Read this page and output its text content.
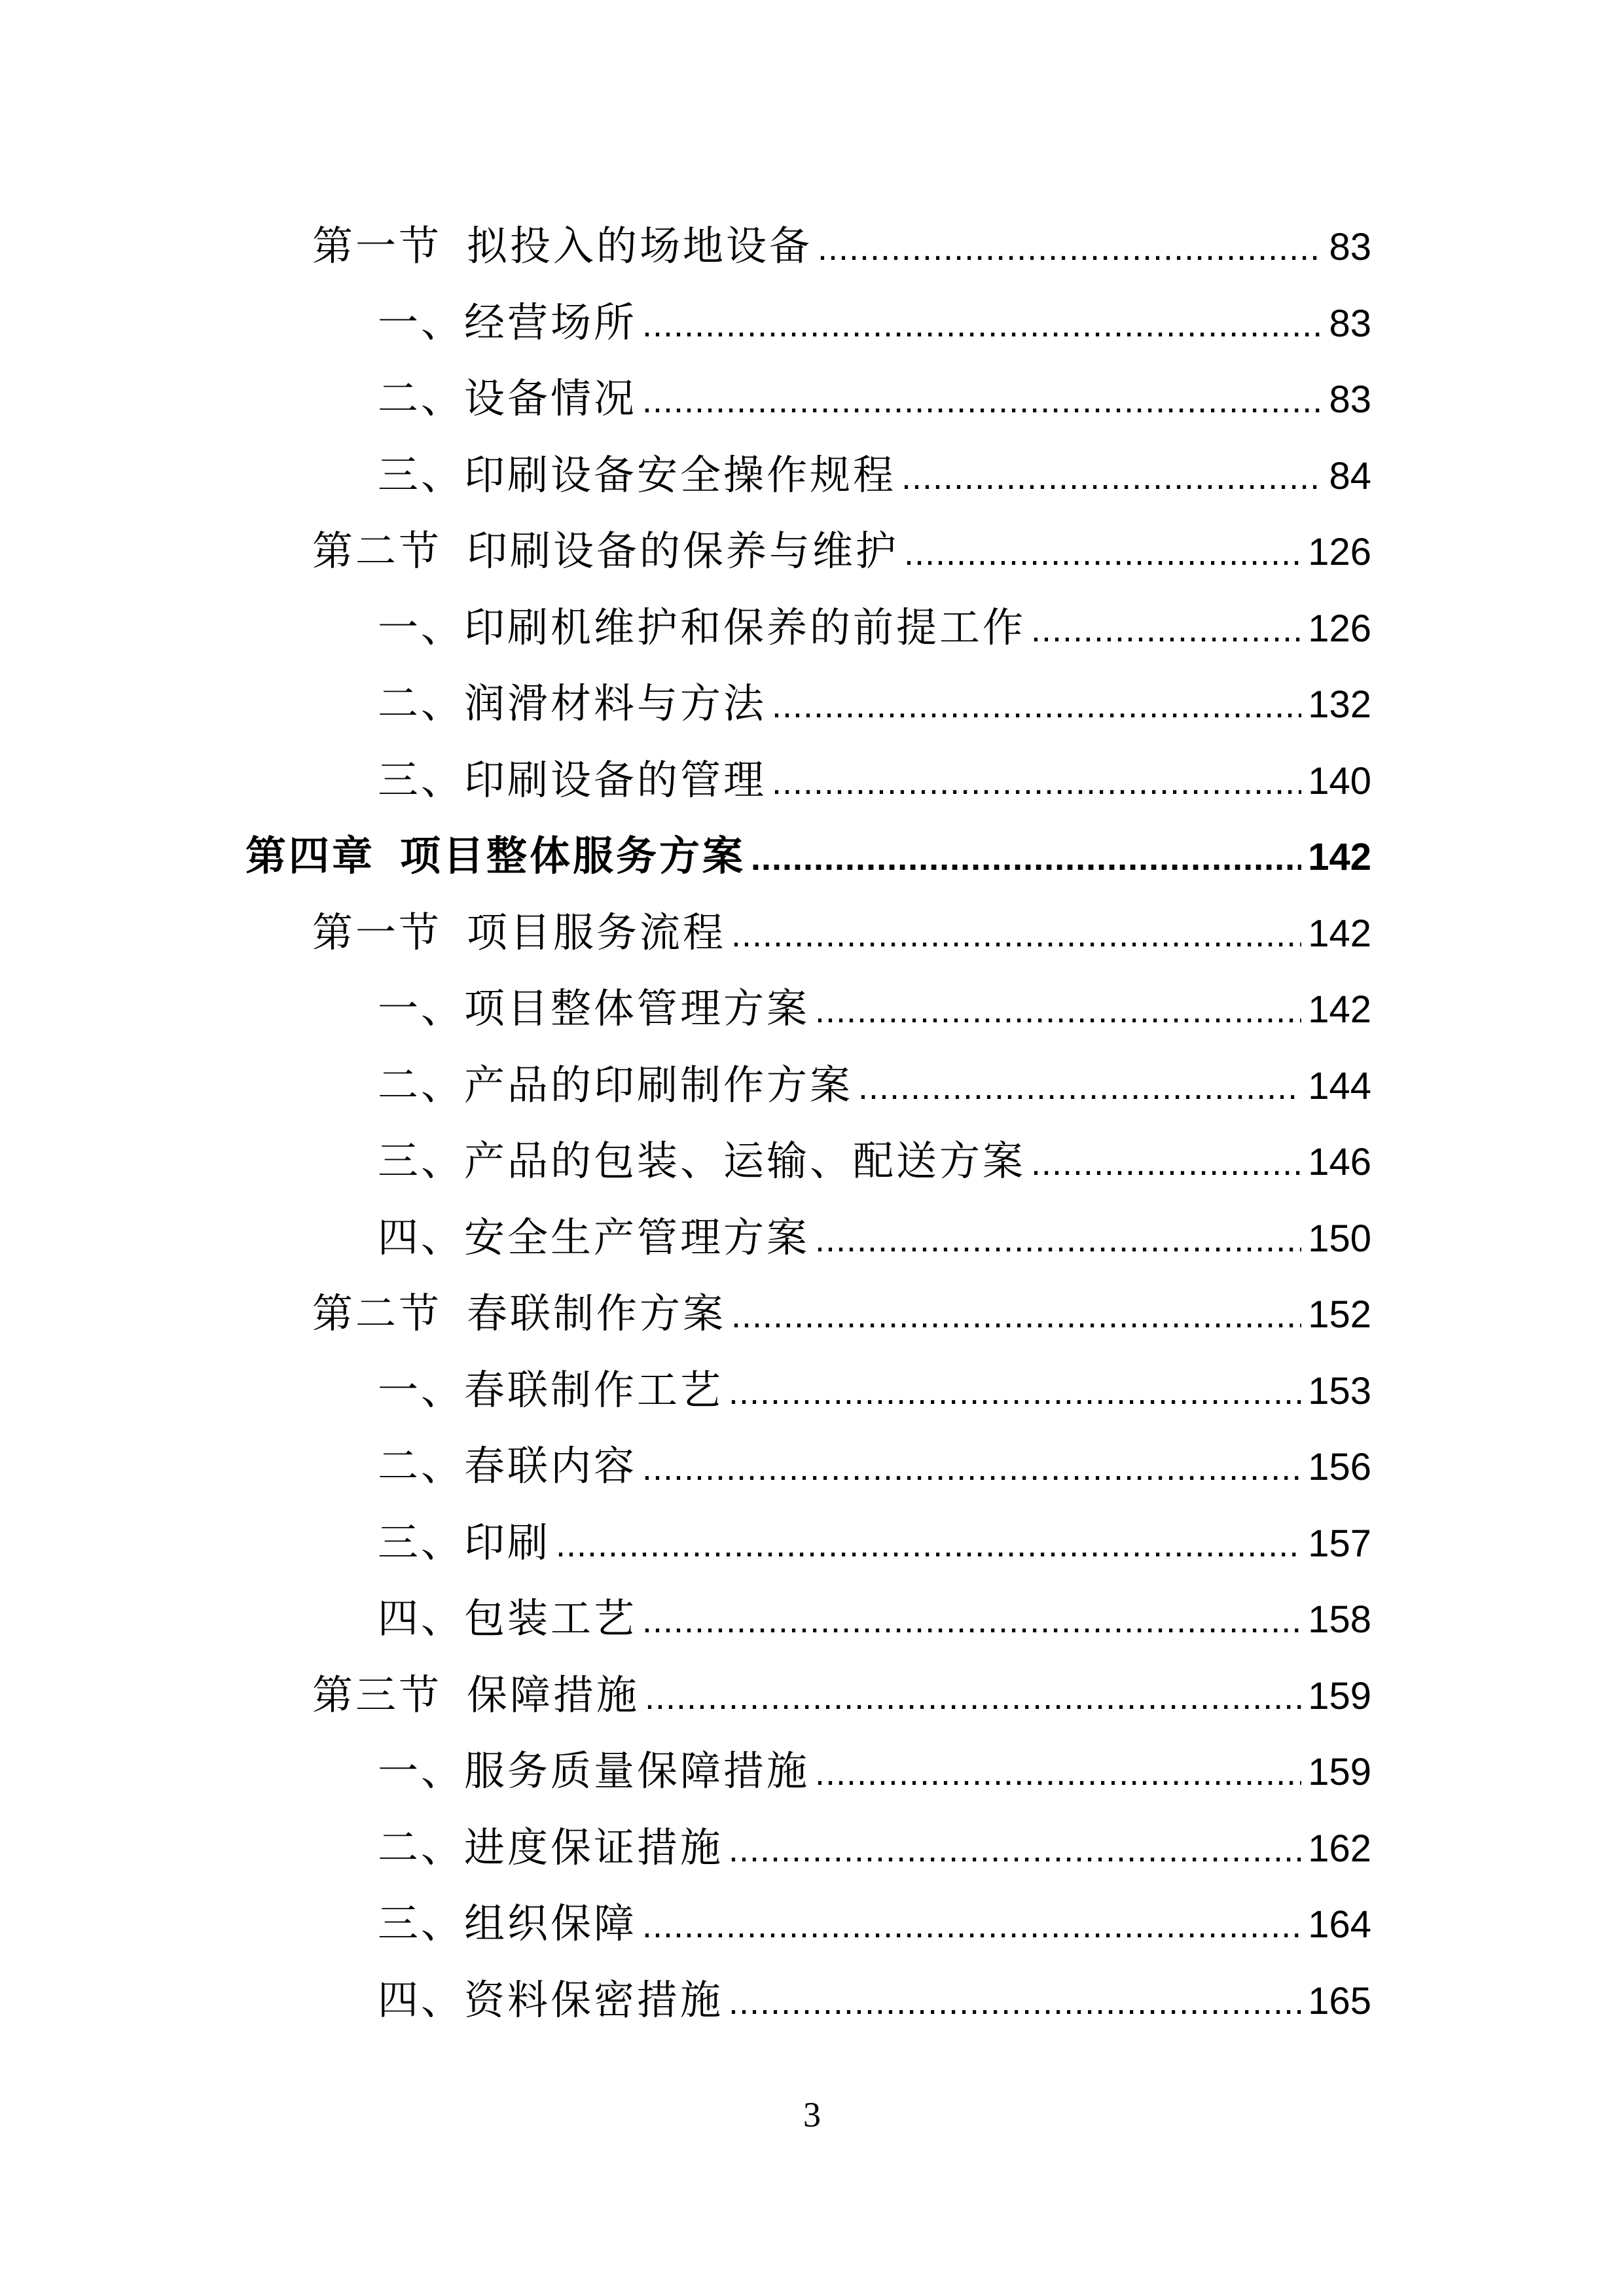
第一节 拟投入的场地设备 .....	83
一、经营场所 .....	83
二、设备情况 .....	83
三、印刷设备安全操作规程 .....	84
第二节 印刷设备的保养与维护 .....	126
一、印刷机维护和保养的前提工作 .....	126
二、润滑材料与方法 .....	132
三、印刷设备的管理 .....	140
第四章 项目整体服务方案 .....	142
第一节 项目服务流程 .....	142
一、项目整体管理方案 .....	142
二、产品的印刷制作方案 .....	144
三、产品的包装、运输、配送方案 .....	146
四、安全生产管理方案 .....	150
第二节 春联制作方案 .....	152
一、春联制作工艺 .....	153
二、春联内容 .....	156
三、印刷 .....	157
四、包装工艺 .....	158
第三节 保障措施 .....	159
一、服务质量保障措施 .....	159
二、进度保证措施 .....	162
三、组织保障 .....	164
四、资料保密措施 .....	165
3
